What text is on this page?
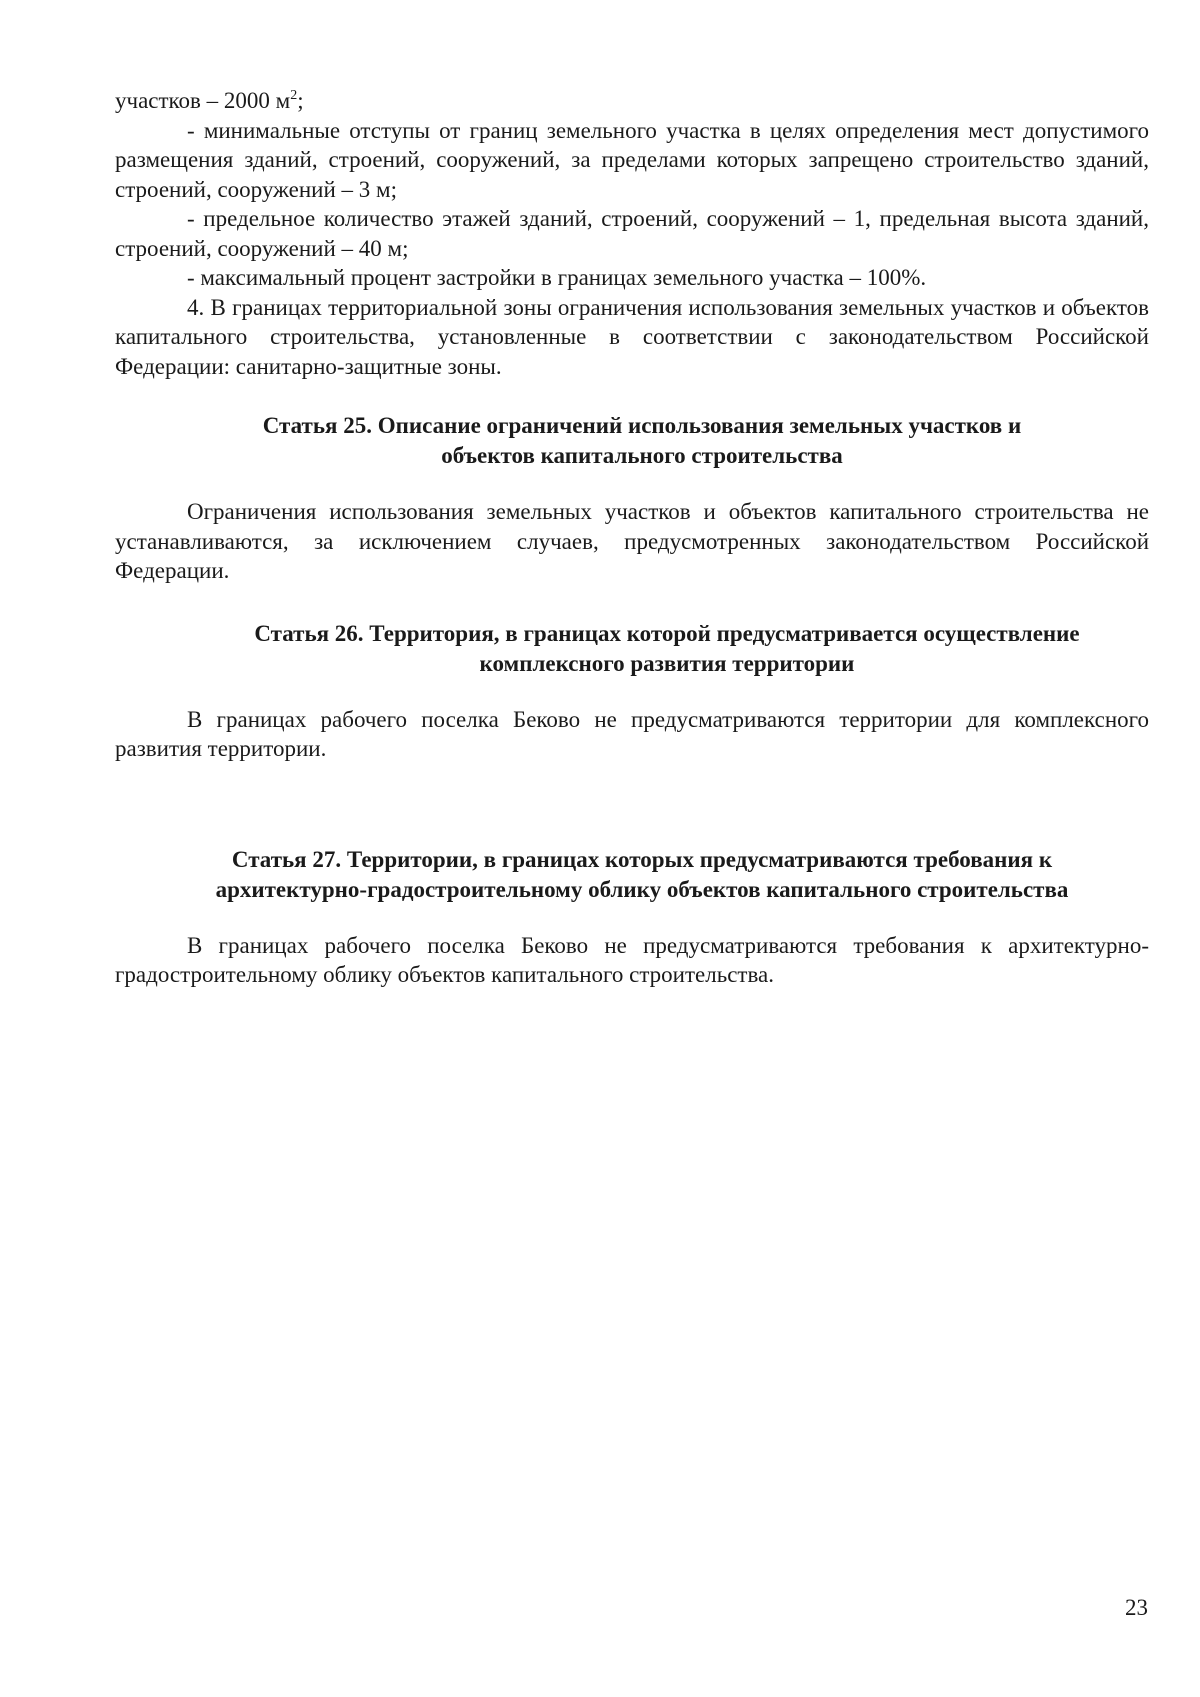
участков – 2000 $м^2$;

- минимальные отступы от границ земельного участка в целях определения мест допустимого размещения зданий, строений, сооружений, за пределами которых запрещено строительство зданий, строений, сооружений – 3 м;

- предельное количество этажей зданий, строений, сооружений – 1, предельная высота зданий, строений, сооружений – 40 м;

- максимальный процент застройки в границах земельного участка – 100%.

4. В границах территориальной зоны ограничения использования земельных участков и объектов капитального строительства, установленные в соответствии с законодательством Российской Федерации: санитарно-защитные зоны.

Статья 25. Описание ограничений использования земельных участков и
объектов капитального строительства

Ограничения использования земельных участков и объектов капитального строительства не устанавливаются, за исключением случаев, предусмотренных законодательством Российской Федерации.

Статья 26. Территория, в границах которой предусматривается осуществление
комплексного развития территории

В границах рабочего поселка Беково не предусматриваются территории для комплексного развития территории.

Статья 27. Территории, в границах которых предусматриваются требования к
архитектурно-градостроительному облику объектов капитального строительства

В границах рабочего поселка Беково не предусматриваются требования к архитектурно-градостроительному облику объектов капитального строительства.

23
